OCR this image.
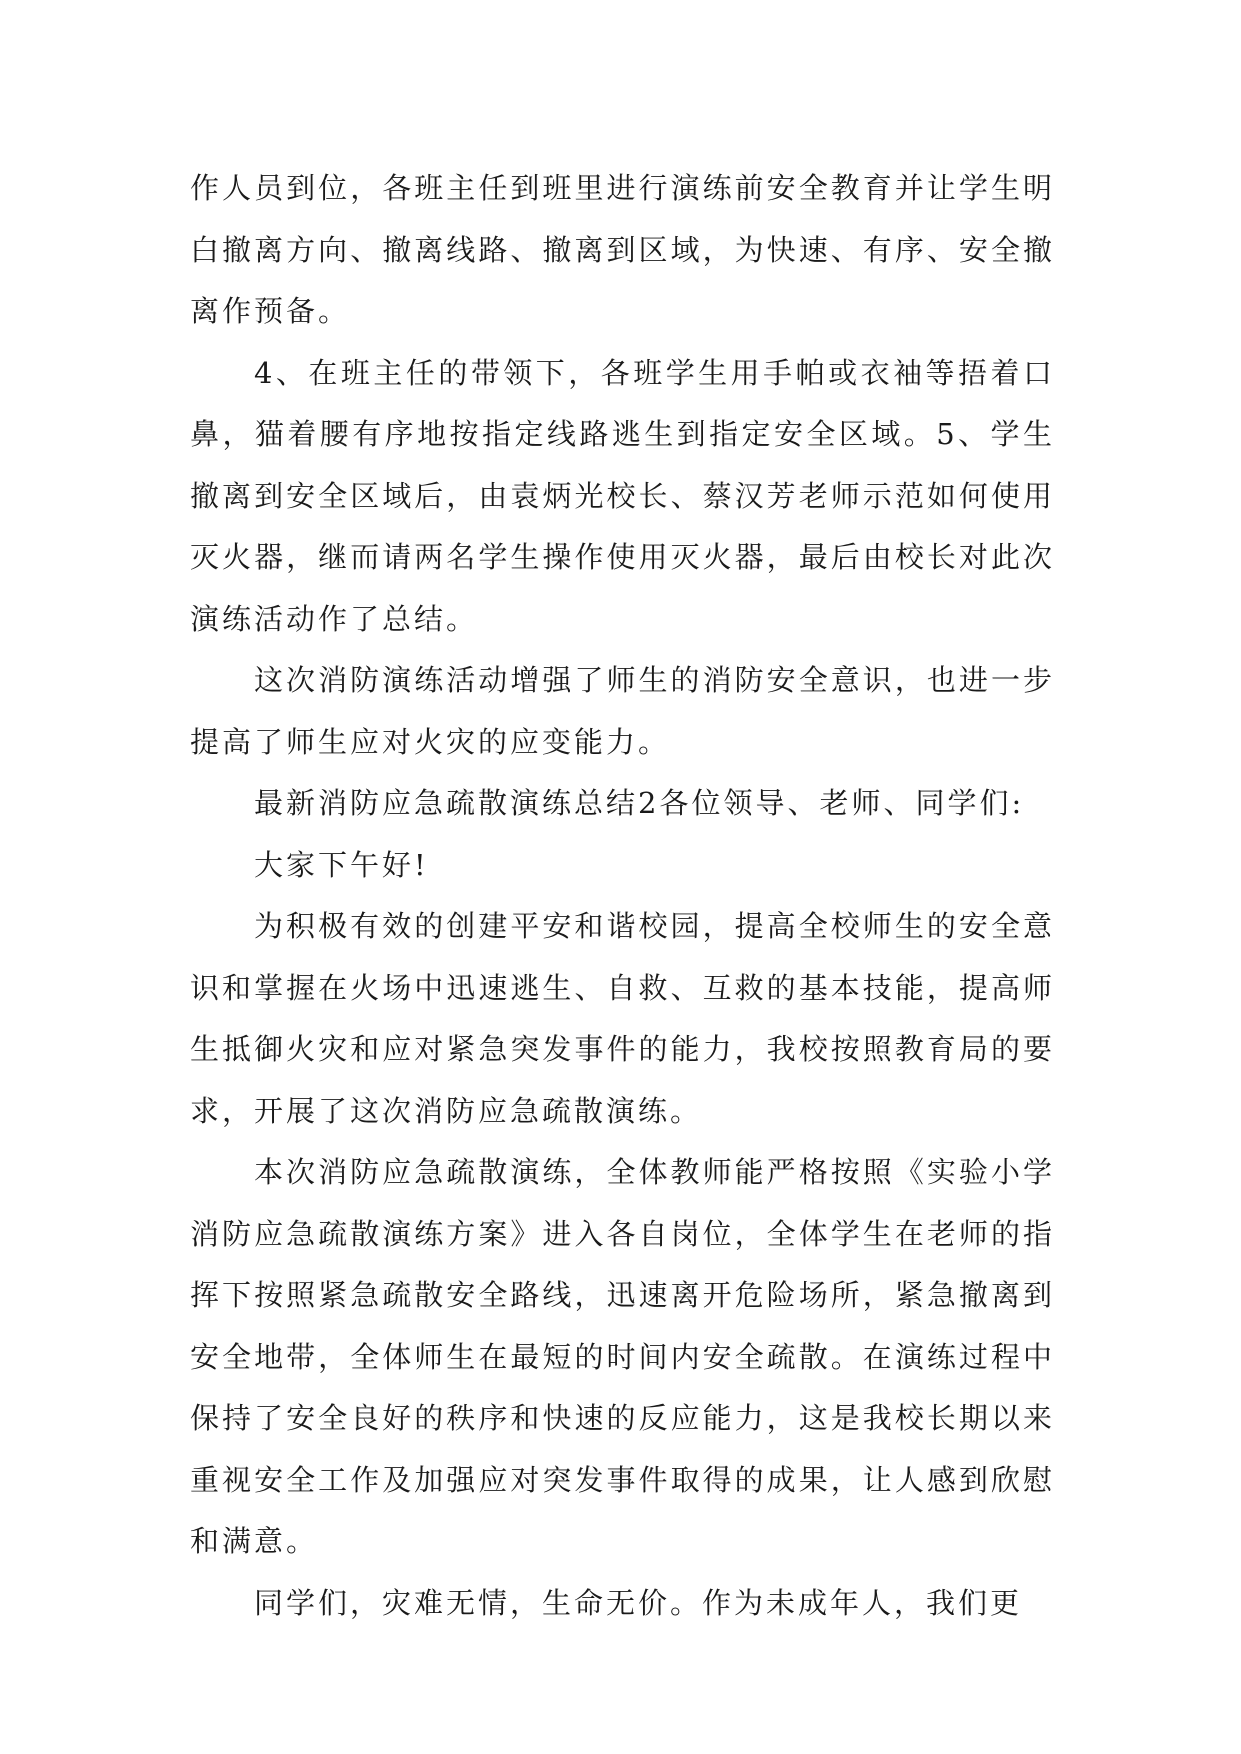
作人员到位，各班主任到班里进行演练前安全教育并让学生明白撤离方向、撤离线路、撤离到区域，为快速、有序、安全撤离作预备。

4、在班主任的带领下，各班学生用手帕或衣袖等捂着口鼻，猫着腰有序地按指定线路逃生到指定安全区域。5、学生撤离到安全区域后，由袁炳光校长、蔡汉芳老师示范如何使用灭火器，继而请两名学生操作使用灭火器，最后由校长对此次演练活动作了总结。

这次消防演练活动增强了师生的消防安全意识，也进一步提高了师生应对火灾的应变能力。

最新消防应急疏散演练总结2各位领导、老师、同学们:

大家下午好!

为积极有效的创建平安和谐校园，提高全校师生的安全意识和掌握在火场中迅速逃生、自救、互救的基本技能，提高师生抵御火灾和应对紧急突发事件的能力，我校按照教育局的要求，开展了这次消防应急疏散演练。

本次消防应急疏散演练，全体教师能严格按照《实验小学消防应急疏散演练方案》进入各自岗位，全体学生在老师的指挥下按照紧急疏散安全路线，迅速离开危险场所，紧急撤离到安全地带，全体师生在最短的时间内安全疏散。在演练过程中保持了安全良好的秩序和快速的反应能力，这是我校长期以来重视安全工作及加强应对突发事件取得的成果，让人感到欣慰和满意。

同学们，灾难无情，生命无价。作为未成年人，我们更
